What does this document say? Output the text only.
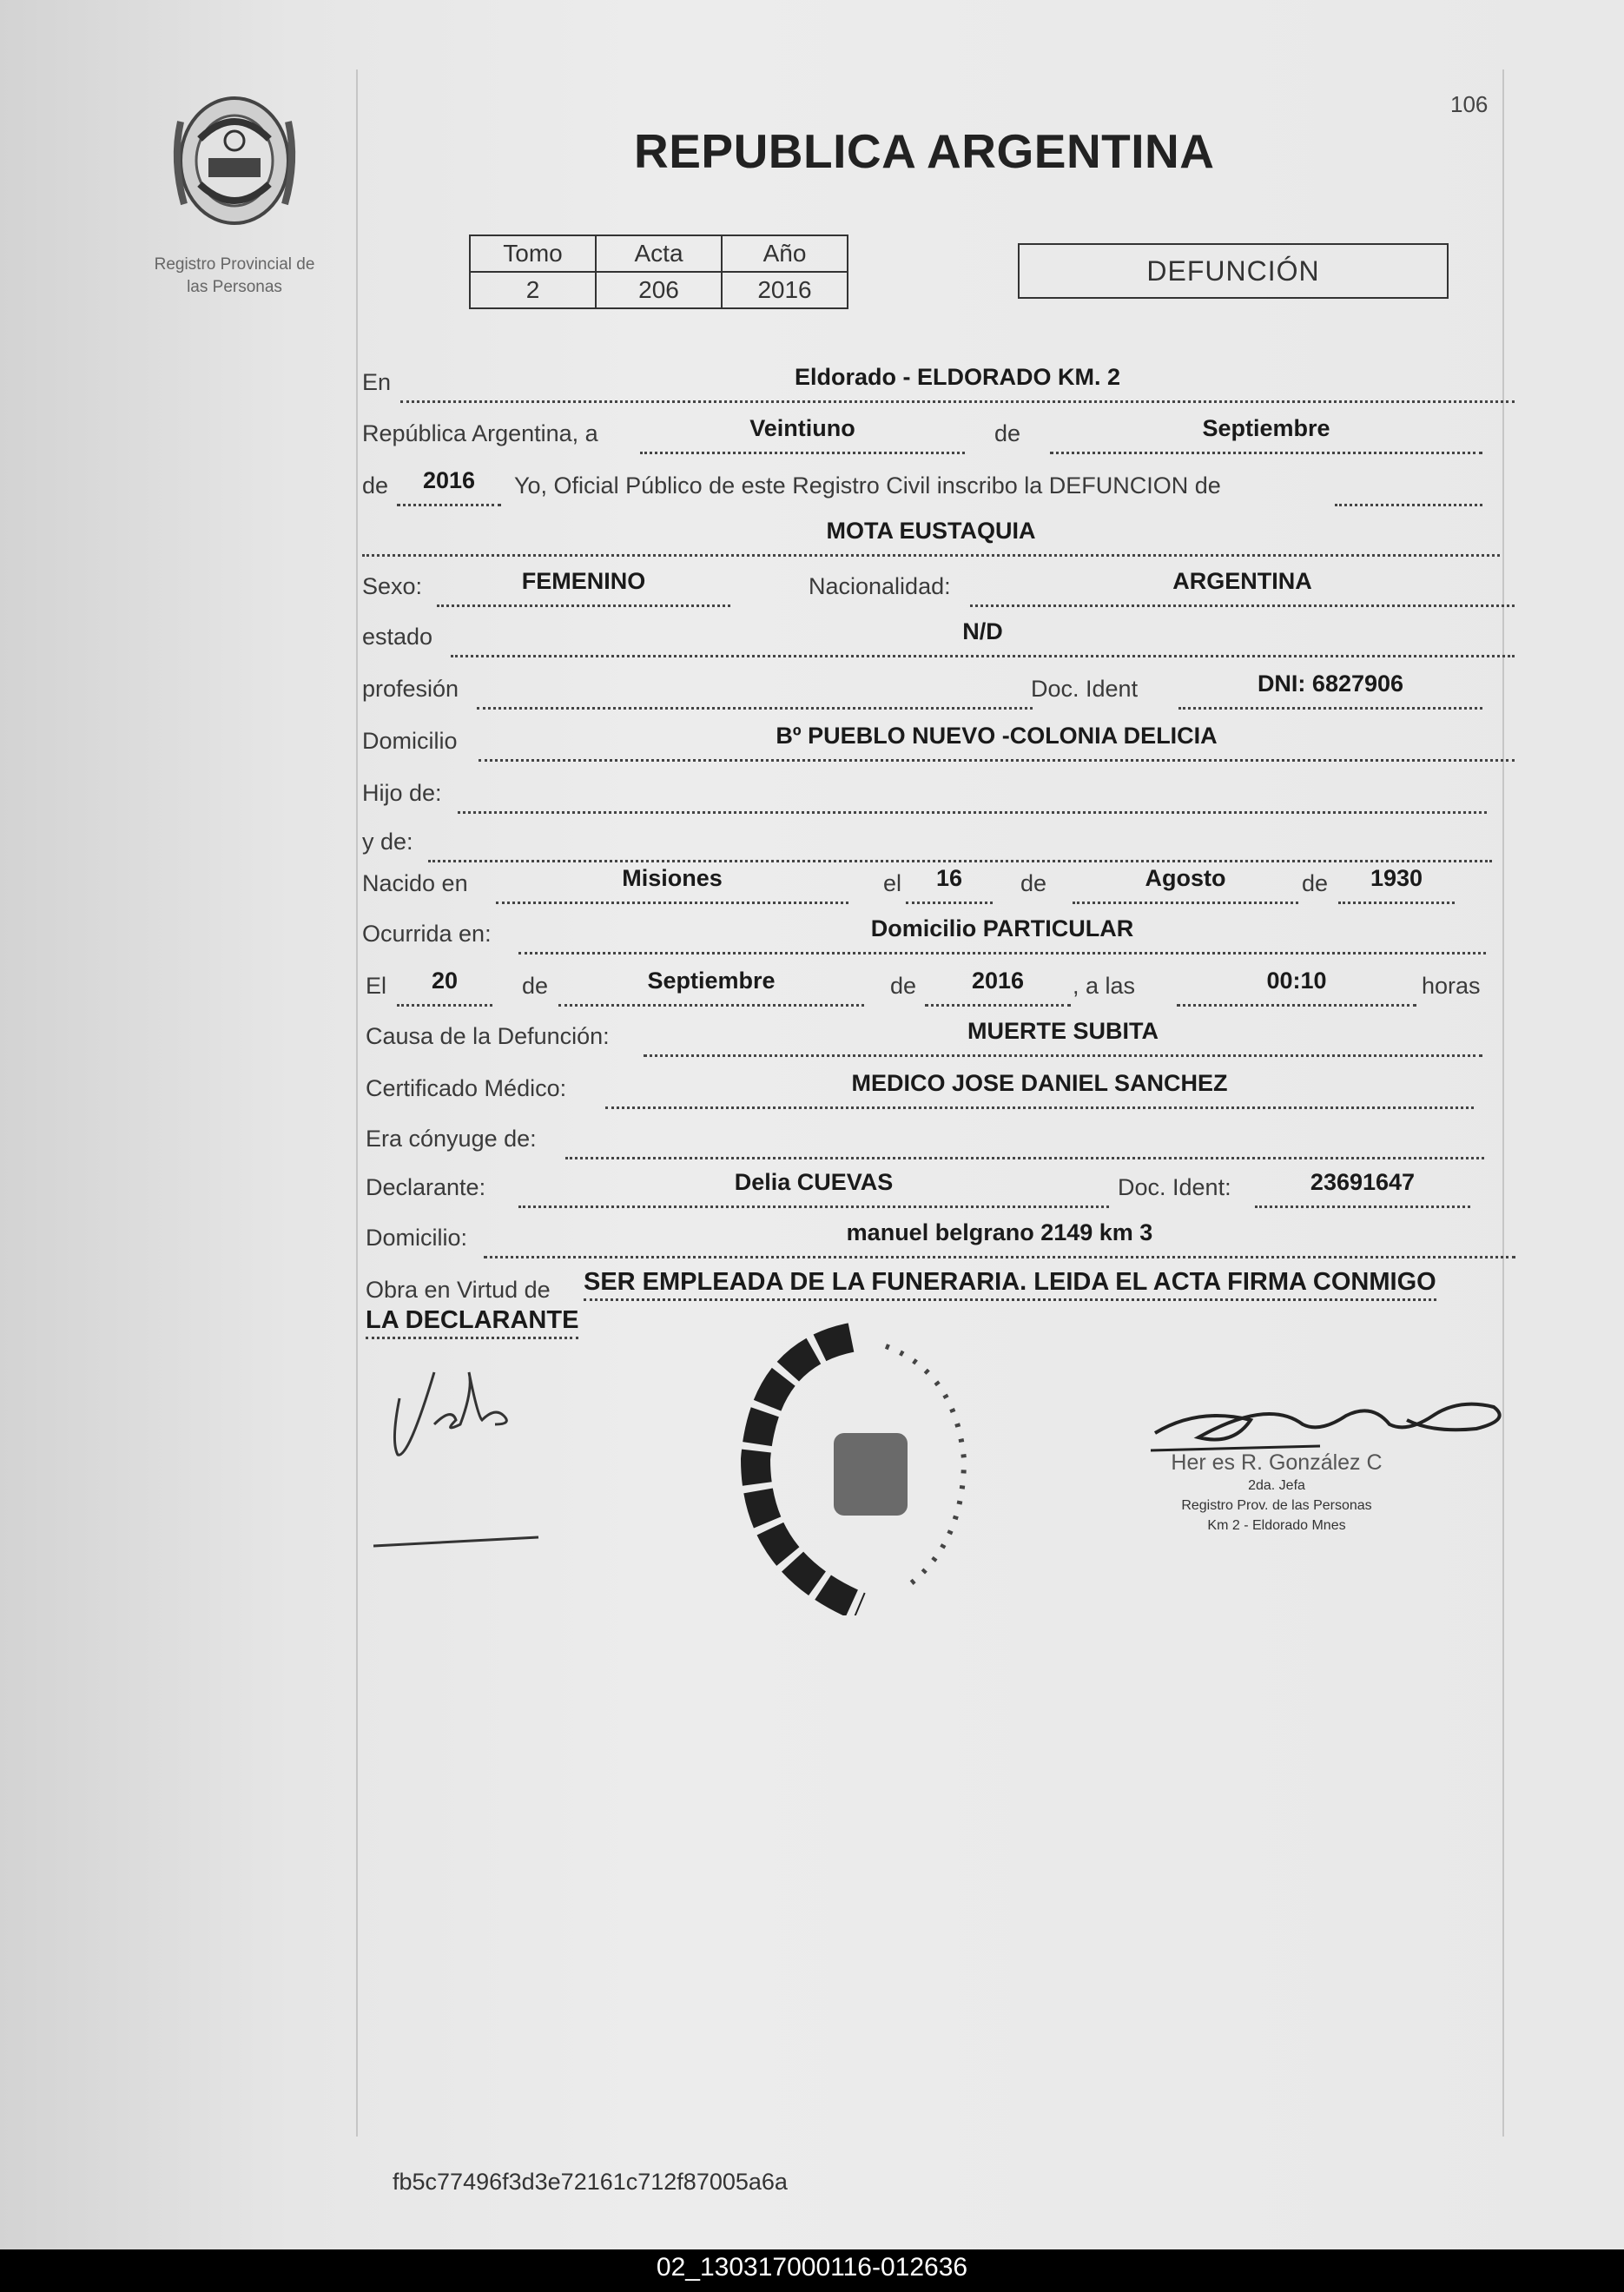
Registro Provincial de
las Personas
106
REPUBLICA ARGENTINA
Tomo	Acta	Año
2	206	2016
DEFUNCIÓN
En	Eldorado - ELDORADO KM. 2
República Argentina, a	Veintiuno	de	Septiembre
de	2016	Yo, Oficial Público de este Registro Civil inscribo la DEFUNCION de
MOTA EUSTAQUIA
Sexo:	FEMENINO	Nacionalidad:	ARGENTINA
estado	N/D
profesión	Doc. Ident	DNI: 6827906
Domicilio	Bº PUEBLO NUEVO -COLONIA DELICIA
Hijo de:
y de:
Nacido en	Misiones	el	16	de	Agosto	de	1930
Ocurrida en:	Domicilio PARTICULAR
El	20	de	Septiembre	de	2016	, a las	00:10	horas
Causa de la Defunción:	MUERTE SUBITA
Certificado Médico:	MEDICO JOSE DANIEL SANCHEZ
Era cónyuge de:
Declarante:	Delia CUEVAS	Doc. Ident:	23691647
Domicilio:	manuel belgrano 2149 km 3
Obra en Virtud de SER EMPLEADA DE LA FUNERARIA. LEIDA EL ACTA FIRMA CONMIGO
LA DECLARANTE
Her es R. González C
2da. Jefa
Registro Prov. de las Personas
Km 2 - Eldorado Mnes
fb5c77496f3d3e72161c712f87005a6a
02_130317000116-012636
